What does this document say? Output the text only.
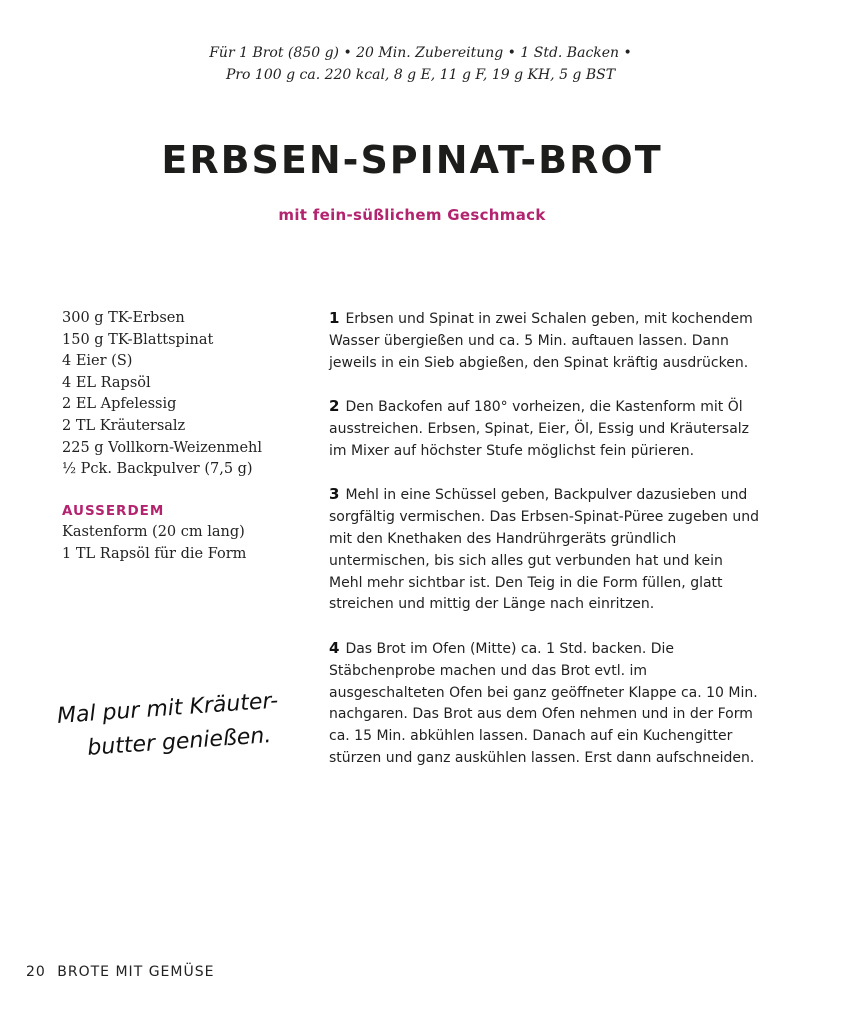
Für 1 Brot (850 g) • 20 Min. Zubereitung • 1 Std. Backen •
Pro 100 g ca. 220 kcal, 8 g E, 11 g F, 19 g KH, 5 g BST
ERBSEN-SPINAT-BROT
mit fein-süßlichem Geschmack
300 g TK-Erbsen
150 g TK-Blattspinat
4 Eier (S)
4 EL Rapsöl
2 EL Apfelessig
2 TL Kräutersalz
225 g Vollkorn-Weizenmehl
½ Pck. Backpulver (7,5 g)
AUSSERDEM
Kastenform (20 cm lang)
1 TL Rapsöl für die Form

1 Erbsen und Spinat in zwei Schalen geben, mit kochendem Wasser übergießen und ca. 5 Min. auftauen lassen. Dann jeweils in ein Sieb abgießen, den Spinat kräftig ausdrücken.

2 Den Backofen auf 180° vorheizen, die Kastenform mit Öl ausstreichen. Erbsen, Spinat, Eier, Öl, Essig und Kräutersalz im Mixer auf höchster Stufe möglichst fein pürieren.

3 Mehl in eine Schüssel geben, Backpulver dazusieben und sorgfältig vermischen. Das Erbsen-Spinat-Püree zugeben und mit den Knethaken des Handrührgeräts gründlich untermischen, bis sich alles gut verbunden hat und kein Mehl mehr sichtbar ist. Den Teig in die Form füllen, glatt streichen und mittig der Länge nach einritzen.

4 Das Brot im Ofen (Mitte) ca. 1 Std. backen. Die Stäbchenprobe machen und das Brot evtl. im ausgeschalteten Ofen bei ganz geöffneter Klappe ca. 10 Min. nachgaren. Das Brot aus dem Ofen nehmen und in der Form ca. 15 Min. abkühlen lassen. Danach auf ein Kuchengitter stürzen und ganz auskühlen lassen. Erst dann aufschneiden.

Mal pur mit Kräuter-
butter genießen.
20 BROTE MIT GEMÜSE
